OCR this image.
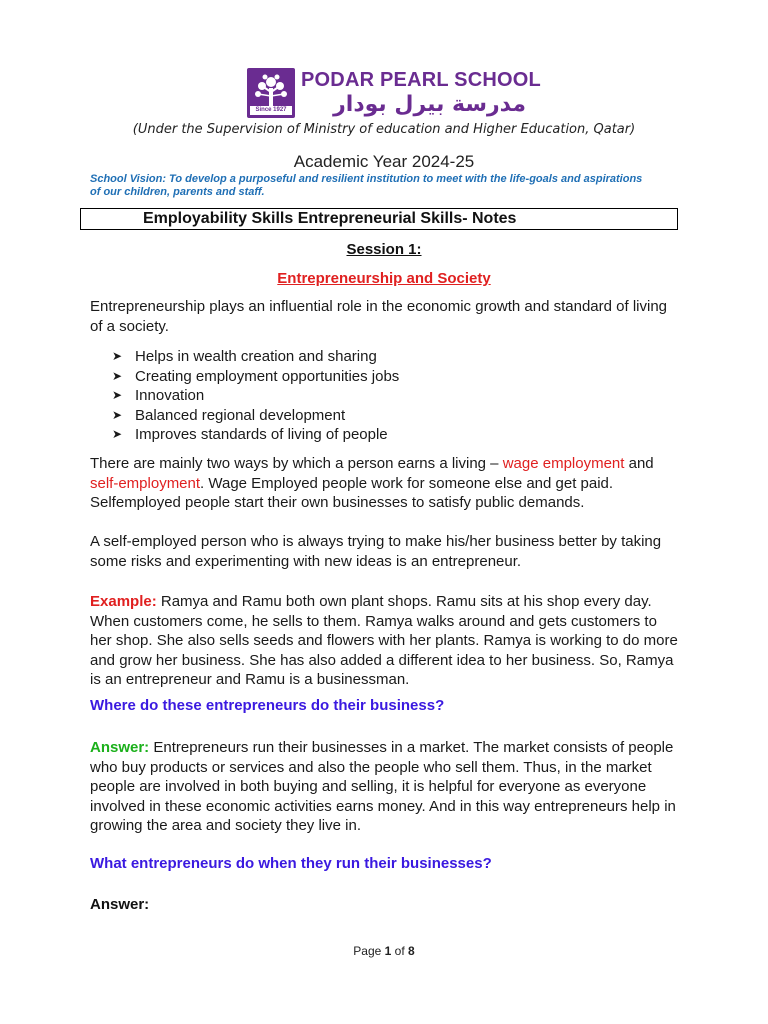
Since 1927
PODAR PEARL SCHOOL
مدرسة بيرل بودار
(Under the Supervision of Ministry of education and Higher Education, Qatar)
Academic Year 2024-25
School Vision: To develop a purposeful and resilient institution to meet with the life-goals and aspirations of our children, parents and staff.
Employability Skills Entrepreneurial Skills- Notes
Session 1:
Entrepreneurship and Society
Entrepreneurship plays an influential role in the economic growth and standard of living of a society.
➤ Helps in wealth creation and sharing
➤ Creating employment opportunities jobs
➤ Innovation
➤ Balanced regional development
➤ Improves standards of living of people
There are mainly two ways by which a person earns a living – wage employment and self-employment. Wage Employed people work for someone else and get paid. Selfemployed people start their own businesses to satisfy public demands.
A self-employed person who is always trying to make his/her business better by taking some risks and experimenting with new ideas is an entrepreneur.
Example: Ramya and Ramu both own plant shops. Ramu sits at his shop every day. When customers come, he sells to them. Ramya walks around and gets customers to her shop. She also sells seeds and flowers with her plants. Ramya is working to do more and grow her business. She has also added a different idea to her business. So, Ramya is an entrepreneur and Ramu is a businessman.
Where do these entrepreneurs do their business?
Answer: Entrepreneurs run their businesses in a market. The market consists of people who buy products or services and also the people who sell them. Thus, in the market people are involved in both buying and selling, it is helpful for everyone as everyone involved in these economic activities earns money. And in this way entrepreneurs help in growing the area and society they live in.
What entrepreneurs do when they run their businesses?
Answer:
Page 1 of 8
